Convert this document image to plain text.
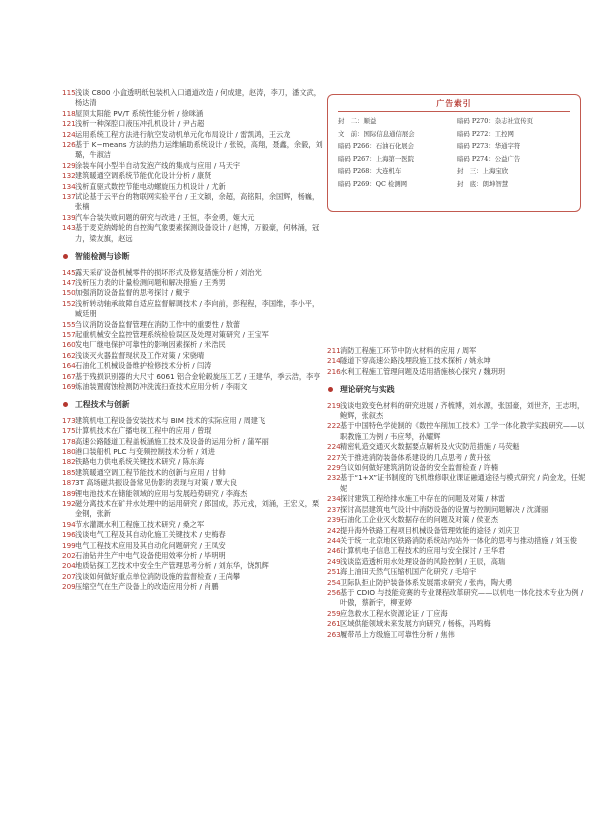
广告索引
封　二：顺益	暗码 P270：杂志社宣传页
文　前：国际信息通信展会	暗码 P272：工控网
暗码 P266：石油石化展会	暗码 P273：华通字符
暗码 P267：上海第一医院	暗码 P274：公益广告
暗码 P268：大连机车	封　三：上海宝欣
暗码 P269：QC 检测网	封　底：朗坤智慧
115 浅谈 C800 小盒透明纸包装机入口通道改造 / 何成建，赵涛，李刀，潘文武，杨达清
118 屋顶太阳能 PV/T 系统性能分析 / 徐咪涵
121 浅析一种深腔口液压冲孔机设计 / 尹占超
124 运用系统工程方法进行航空发动机单元化布局设计 / 雷凯鸿，王云龙
126 基于 K−means 方法的热力运维辅助系统设计 / 张锐，高翔，聂鑫，余毅，刘璐，牛淑洁
129 涂装车间小型半自动发泡产线的集成与应用 / 马天宇
132 建筑暖通空调系统节能优化设计分析 / 康贤
134 浅析直驱式数控节能电动螺旋压力机设计 / 尤新
137 试论基于云平台的物联网实验平台 / 王文颖，余超，高铭阳，余国辉，杨巍，张楠
139 汽车合装失败问题的研究与改进 / 王恒，李金勇，姬大元
143 基于麦克纳姆轮的自控淘气象要素探测设备设计 / 赵博，万毅豪，何林涌，冠力，梁友旗，赵远
智能检测与诊断
145 露天采矿设备机械零件的损坏形式及修复措施分析 / 刘治光
147 浅析压力表的计量检测问题和解决措施 / 王秀男
150 加强消防设备监督的思考探讨 / 戴宇
152 浅析转动轴承故障自适应监督解调技术 / 李向前，彭程程，李国维，李小平，臧廷朋
155 刍议消防设备监督管理在消防工作中的重要性 / 敖蕾
157 起重机械安全监控管理系统检验误区及处理对策研究 / 王宝军
160 发电厂继电保护可靠性的影响因素探析 / 米浩民
162 浅谈灭火器监督现状及工作对策 / 宋骁晴
164 石油化工机械设备维护检修技术分析 / 闫涛
167 基于残损识别器的大尺寸 6061 铝合金轮毂旋压工艺 / 王建华，季云浩，李亨
169 炼油装置腐蚀检测防冲洗流扫查技术应用分析 / 李雨文
工程技术与创新
173 建筑机电工程设备安装技术与 BIM 技术的实际应用 / 周建飞
175 计算机技术在广播电视工程中的应用 / 曾琨
178 高速公路隧道工程盖板涵施工技术及设备的运用分析 / 蒲军丽
180 港口装船机 PLC 与变频控制技术分析 / 刘进
182 铁路电力供电系统关键技术研究 / 陈东海
185 建筑暖通空调工程节能技术的创新与应用 / 甘帅
187 3T 高场磁共振设备常见伪影的表现与对策 / 覃大良
189 锂电池技术在储能领域的应用与发展趋势研究 / 李海杰
192 磁分离技术在矿井水处理中的运用研究 / 郎国成，苏元戎，刘涌，王宏义，栗金钢，张新
194 节水灌溉水利工程施工技术研究 / 桑之军
196 浅谈电气工程及其自动化施工关键技术 / 史梅春
199 电气工程技术应用及其自动化问题研究 / 王凤安
202 石油钻井生产中电气设备使用效率分析 / 毕明明
204 地质钻探工艺技术中安全生产管理思考分析 / 刘东华，饶凯辉
207 浅谈如何做好重点单位消防设施的监督检查 / 王尚攀
209 压缩空气在生产设备上的改造应用分析 / 肖鹏
211 消防工程施工环节中防火材料的应用 / 周军
214 隧道下穿高速公路浅埋段施工技术探析 / 姚永坤
216 水利工程施工管理问题及适用措施核心探究 / 魏玥玥
理论研究与实践
219 浅谈电致变色材料的研究进展 / 齐梳博，刘水源，张国豪，刘世齐，王志明，鲍辉，张叙杰
222 基于中国特色学徒制的《数控车削加工技术》工学一体化教学实践研究——以职教施工为例 / 韦应琴，孙耀辉
224 精密轧造交通灭火数据要点解析及火灾防范措施 / 马荧魁
227 关于推进消防装备体系建设的几点思考 / 黄升弦
229 刍议如何做好建筑消防设备的安全监督检查 / 许楠
232 基于“1+X”证书制度的飞机维修职业课证融通途径与模式研究 / 尚金龙，任妮妮
234 探讨建筑工程给排水施工中存在的问题及对策 / 林雷
237 探讨高层建筑电气设计中消防设备的设置与控制问题解决 / 沈潇丽
239 石油化工企业灭火数据存在的问题及对策 / 侯亚杰
242 提升海外铁路工程项目机械设备管理效能的途径 / 刘庆卫
244 关于统一北京地区铁路消防系统站内站外一体化的思考与推动措施 / 刘玉俊
246 计算机电子信息工程技术的应用与安全探讨 / 王华君
249 浅谈监造透析用水处理设备的风险控制 / 王辰，高瑞
251 海上油田天然气压缩机国产化研究 / 毛培宇
254 卫际队拒止防护装备体系发展需求研究 / 张冉，陶大勇
256 基于 CDIO 与技能竞赛的专业课程改革研究——以机电一体化技术专业为例 / 叶傲，蔡新宇，柳亚婷
259 应急救水工程水资源论证 / 丁应海
261 区域供能领域未来发展方向研究 / 杨栋，冯鸣梅
263 履带吊上方级施工可靠性分析 / 焦伟
